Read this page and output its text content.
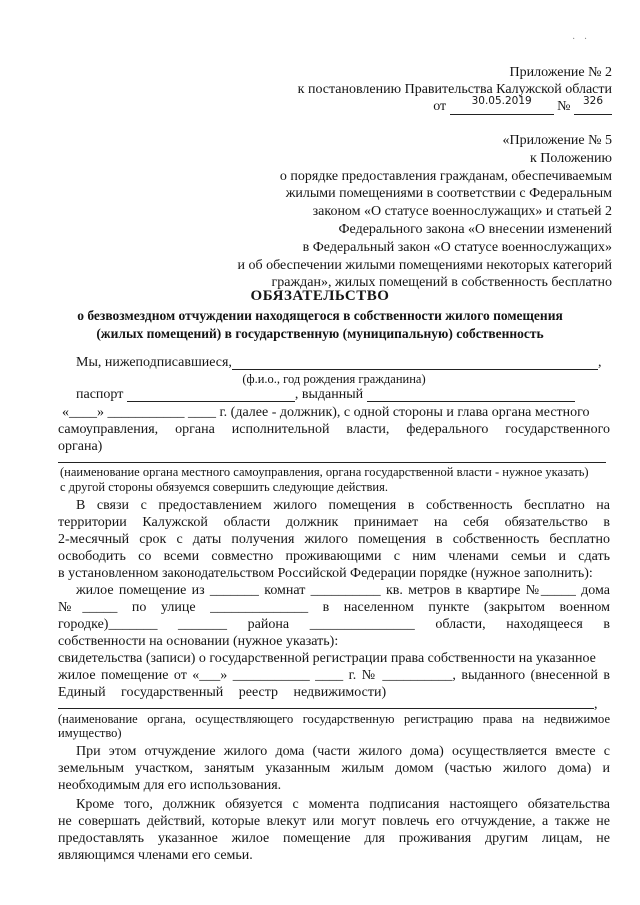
· ·
Приложение № 2
к постановлению Правительства Калужской области
от $^{30.05.2019}$ № $^{326}$
«Приложение № 5
к Положению
о порядке предоставления гражданам, обеспечиваемым
жилыми помещениями в соответствии с Федеральным
законом «О статусе военнослужащих» и статьей 2
Федерального закона «О внесении изменений
в Федеральный закон «О статусе военнослужащих»
и об обеспечении жилыми помещениями некоторых категорий
граждан», жилых помещений в собственность бесплатно
ОБЯЗАТЕЛЬСТВО
о безвозмездном отчуждении находящегося в собственности жилого помещения
(жилых помещений) в государственную (муниципальную) собственность
Мы, нижеподписавшиеся,	,
(ф.и.о., год рождения гражданина)
паспорт	, выданный
«____» ___________ ____ г. (далее - должник), с одной стороны и глава органа местного
самоуправления, органа исполнительной власти, федерального государственного
органа)
(наименование органа местного самоуправления, органа государственной власти - нужное указать)
с другой стороны обязуемся совершить следующие действия.
В связи с предоставлением жилого помещения в собственность бесплатно на
территории Калужской области должник принимает на себя обязательство в
2-месячный срок с даты получения жилого помещения в собственность бесплатно
освободить со всеми совместно проживающими с ним членами семьи и сдать
в установленном законодательством Российской Федерации порядке (нужное заполнить):
жилое помещение из _______ комнат __________ кв. метров в квартире №_____ дома
№_____ по улице ______________ в населенном пункте (закрытом военном
городке)_______ _______ района _______________ области, находящееся в
собственности на основании (нужное указать):
свидетельства (записи) о государственной регистрации права собственности на указанное
жилое помещение от «___» ___________ ____ г. № __________, выданного (внесенной в
Единый государственный реестр недвижимости)
,
(наименование органа, осуществляющего государственную регистрацию права на недвижимое
имущество)
При этом отчуждение жилого дома (части жилого дома) осуществляется вместе с
земельным участком, занятым указанным жилым домом (частью жилого дома) и
необходимым для его использования.
Кроме того, должник обязуется с момента подписания настоящего обязательства
не совершать действий, которые влекут или могут повлечь его отчуждение, а также не
предоставлять указанное жилое помещение для проживания другим лицам, не
являющимся членами его семьи.
